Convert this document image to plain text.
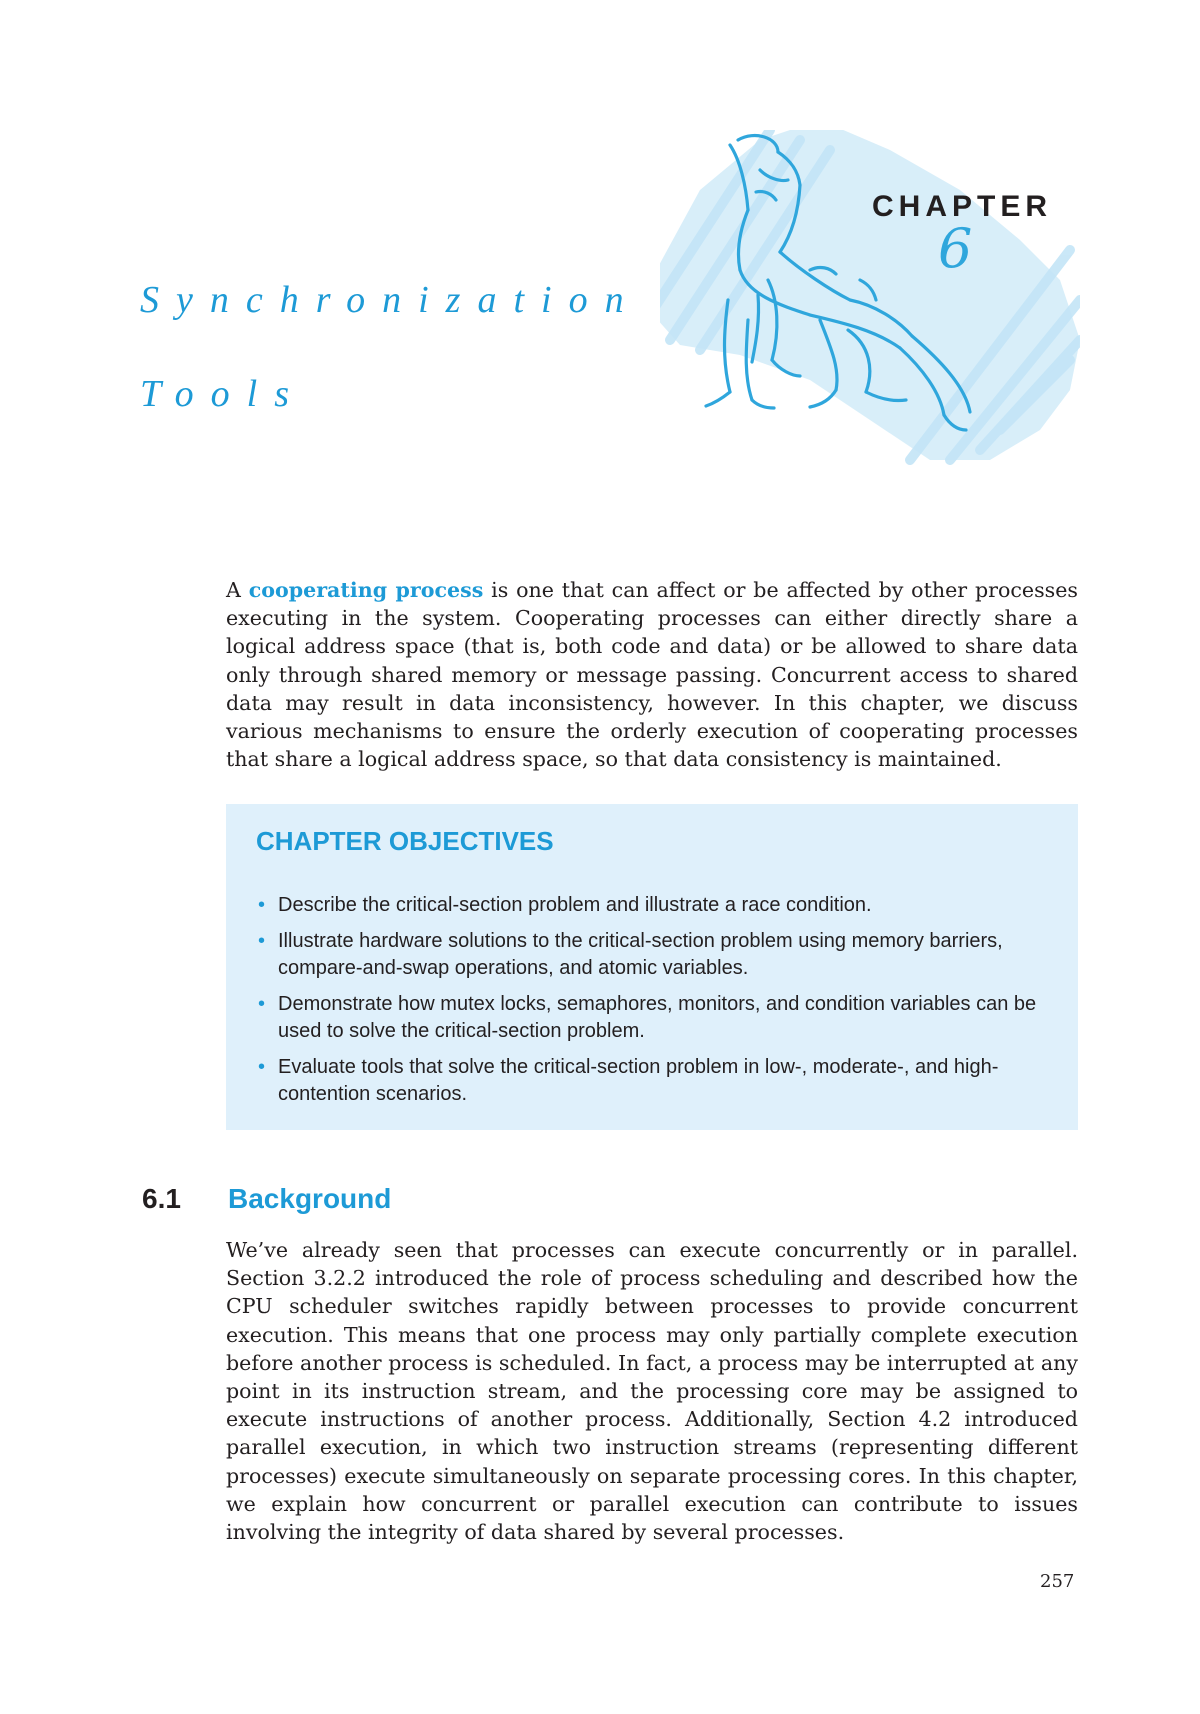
CHAPTER
6
Synchronization
Tools

A cooperating process is one that can affect or be affected by other processes executing in the system. Cooperating processes can either directly share a logical address space (that is, both code and data) or be allowed to share data only through shared memory or message passing. Concurrent access to shared data may result in data inconsistency, however. In this chapter, we discuss various mechanisms to ensure the orderly execution of cooperating processes that share a logical address space, so that data consistency is maintained.

CHAPTER OBJECTIVES
• Describe the critical-section problem and illustrate a race condition.
• Illustrate hardware solutions to the critical-section problem using memory barriers, compare-and-swap operations, and atomic variables.
• Demonstrate how mutex locks, semaphores, monitors, and condition variables can be used to solve the critical-section problem.
• Evaluate tools that solve the critical-section problem in low-, moderate-, and high-contention scenarios.
6.1 Background

We’ve already seen that processes can execute concurrently or in parallel. Section 3.2.2 introduced the role of process scheduling and described how the CPU scheduler switches rapidly between processes to provide concurrent execution. This means that one process may only partially complete execution before another process is scheduled. In fact, a process may be interrupted at any point in its instruction stream, and the processing core may be assigned to execute instructions of another process. Additionally, Section 4.2 introduced parallel execution, in which two instruction streams (representing different processes) execute simultaneously on separate processing cores. In this chapter, we explain how concurrent or parallel execution can contribute to issues involving the integrity of data shared by several processes.

257
